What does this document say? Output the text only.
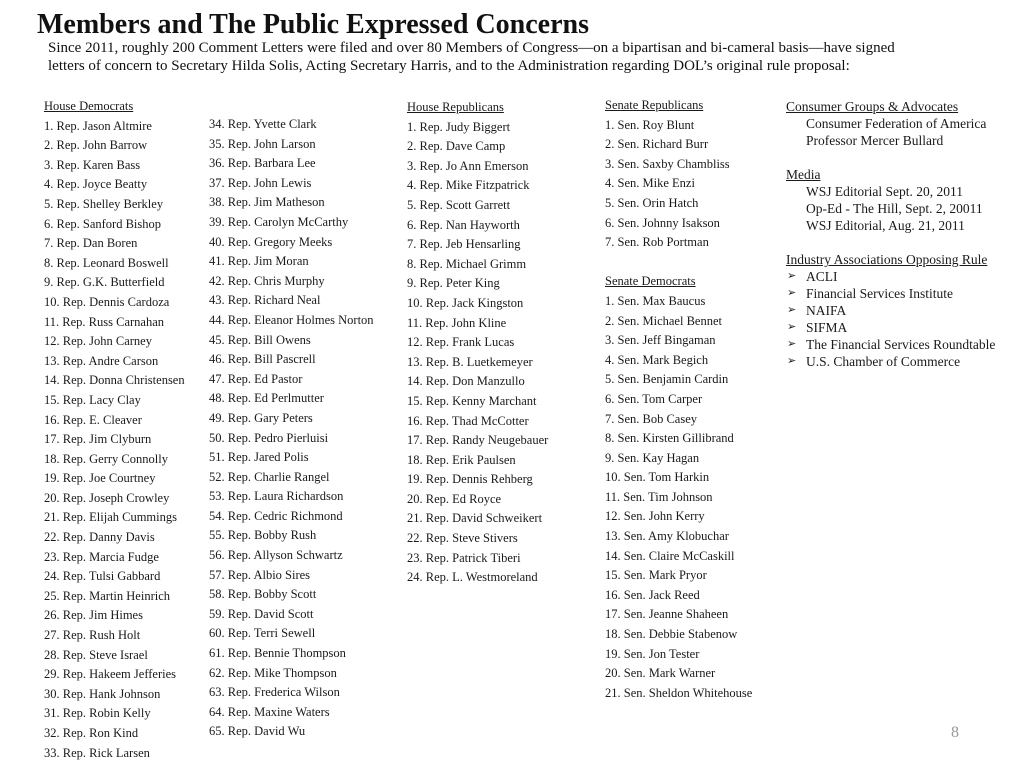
Members and The Public Expressed Concerns
Since 2011, roughly 200 Comment Letters were filed and over 80 Members of Congress—on a bipartisan and bi-cameral basis—have signed letters of concern to Secretary Hilda Solis, Acting Secretary Harris, and to the Administration regarding DOL’s original rule proposal:
House Democrats
1. Rep. Jason Altmire
2. Rep. John Barrow
3. Rep. Karen Bass
4. Rep. Joyce Beatty
5. Rep. Shelley Berkley
6. Rep. Sanford Bishop
7. Rep. Dan Boren
8. Rep. Leonard Boswell
9. Rep. G.K. Butterfield
10. Rep. Dennis Cardoza
11. Rep. Russ Carnahan
12. Rep. John Carney
13. Rep. Andre Carson
14. Rep. Donna Christensen
15. Rep. Lacy Clay
16. Rep. E. Cleaver
17. Rep. Jim Clyburn
18. Rep. Gerry Connolly
19. Rep. Joe Courtney
20. Rep. Joseph Crowley
21. Rep. Elijah Cummings
22. Rep. Danny Davis
23. Rep. Marcia Fudge
24. Rep. Tulsi Gabbard
25. Rep. Martin Heinrich
26. Rep. Jim Himes
27. Rep. Rush Holt
28. Rep. Steve Israel
29. Rep. Hakeem Jefferies
30. Rep. Hank Johnson
31. Rep. Robin Kelly
32. Rep. Ron Kind
33. Rep. Rick Larsen
34. Rep. Yvette Clark
35. Rep. John Larson
36. Rep. Barbara Lee
37. Rep. John Lewis
38. Rep. Jim Matheson
39. Rep. Carolyn McCarthy
40. Rep. Gregory Meeks
41. Rep. Jim Moran
42. Rep. Chris Murphy
43. Rep. Richard Neal
44. Rep. Eleanor Holmes Norton
45. Rep. Bill Owens
46. Rep. Bill Pascrell
47. Rep. Ed Pastor
48. Rep. Ed Perlmutter
49. Rep. Gary Peters
50. Rep. Pedro Pierluisi
51. Rep. Jared Polis
52. Rep. Charlie Rangel
53. Rep. Laura Richardson
54. Rep. Cedric Richmond
55. Rep. Bobby Rush
56. Rep. Allyson Schwartz
57. Rep. Albio Sires
58. Rep. Bobby Scott
59. Rep. David Scott
60. Rep. Terri Sewell
61. Rep. Bennie Thompson
62. Rep. Mike Thompson
63. Rep. Frederica Wilson
64. Rep. Maxine Waters
65. Rep. David Wu
House Republicans
1. Rep. Judy Biggert
2. Rep. Dave Camp
3. Rep. Jo Ann Emerson
4. Rep. Mike Fitzpatrick
5. Rep. Scott Garrett
6. Rep. Nan Hayworth
7. Rep. Jeb Hensarling
8. Rep. Michael Grimm
9. Rep. Peter King
10. Rep. Jack Kingston
11. Rep. John Kline
12. Rep. Frank Lucas
13. Rep. B. Luetkemeyer
14. Rep. Don Manzullo
15. Rep. Kenny Marchant
16. Rep. Thad McCotter
17. Rep. Randy Neugebauer
18. Rep. Erik Paulsen
19. Rep. Dennis Rehberg
20. Rep. Ed Royce
21. Rep. David Schweikert
22. Rep. Steve Stivers
23. Rep. Patrick Tiberi
24. Rep. L. Westmoreland
Senate Republicans
1. Sen. Roy Blunt
2. Sen. Richard Burr
3. Sen. Saxby Chambliss
4. Sen. Mike Enzi
5. Sen. Orin Hatch
6. Sen. Johnny Isakson
7. Sen. Rob Portman
Senate Democrats
1. Sen. Max Baucus
2. Sen. Michael Bennet
3. Sen. Jeff Bingaman
4. Sen. Mark Begich
5. Sen. Benjamin Cardin
6. Sen. Tom Carper
7. Sen. Bob Casey
8. Sen. Kirsten Gillibrand
9. Sen. Kay Hagan
10. Sen. Tom Harkin
11. Sen. Tim Johnson
12. Sen. John Kerry
13. Sen. Amy Klobuchar
14. Sen. Claire McCaskill
15. Sen. Mark Pryor
16. Sen. Jack Reed
17. Sen. Jeanne Shaheen
18. Sen. Debbie Stabenow
19. Sen. Jon Tester
20. Sen. Mark Warner
21. Sen. Sheldon Whitehouse
Consumer Groups & Advocates
Consumer Federation of America
Professor Mercer Bullard
Media
WSJ Editorial Sept. 20, 2011
Op-Ed - The Hill, Sept. 2, 20011
WSJ Editorial, Aug. 21, 2011
Industry Associations Opposing Rule
➢ ACLI
➢ Financial Services Institute
➢ NAIFA
➢ SIFMA
➢ The Financial Services Roundtable
➢ U.S. Chamber of Commerce
8
